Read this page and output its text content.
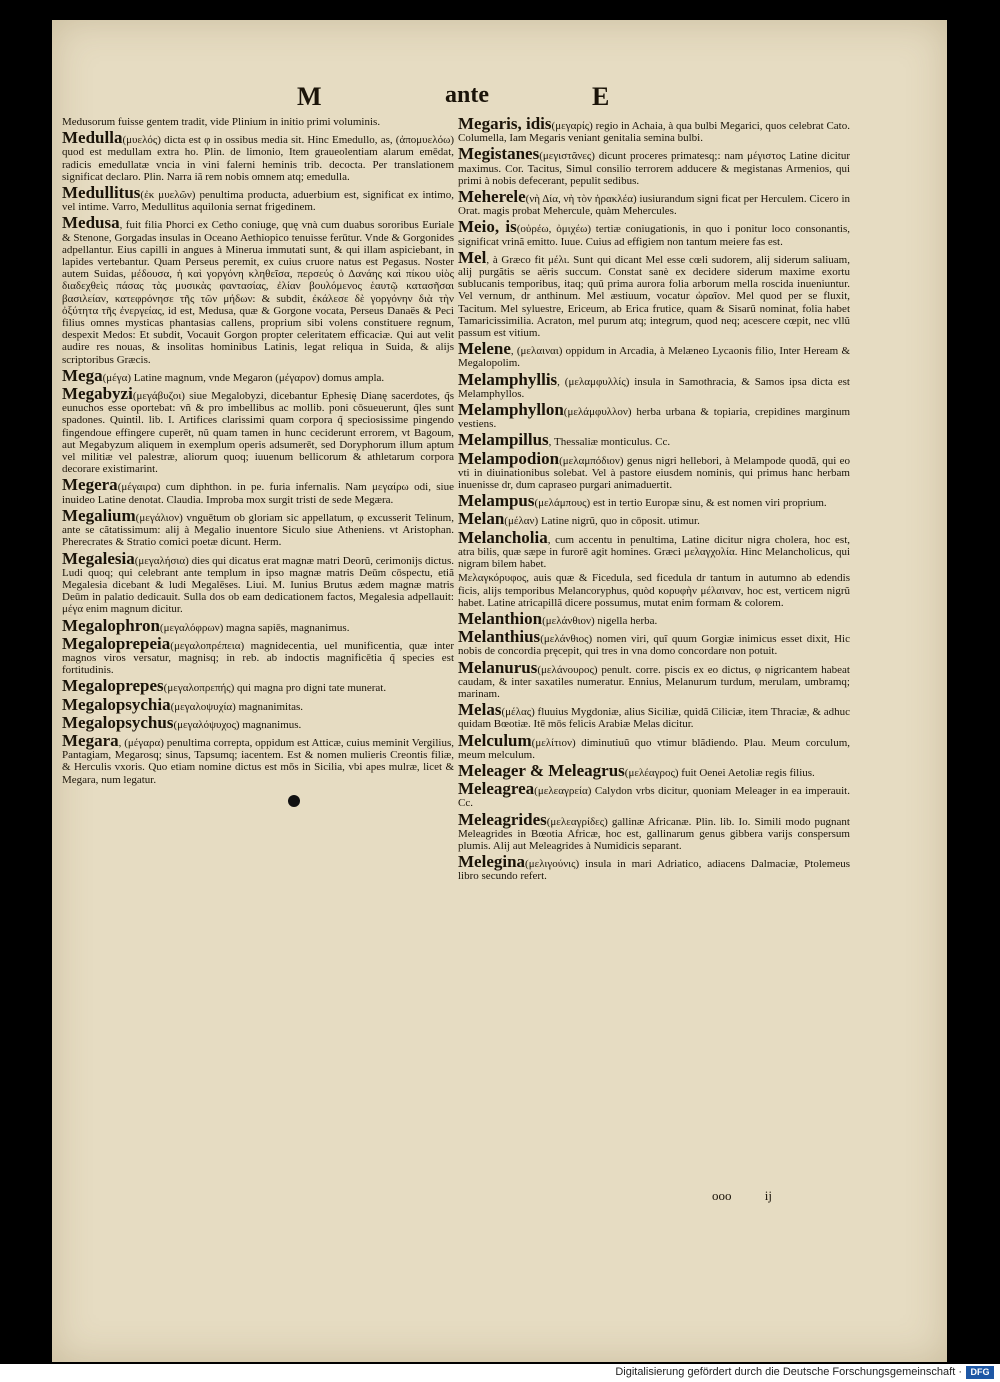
M	ante	E
Medusorum fuisse gentem tradit, vide Plinium in initio primi voluminis.
Medulla(μυελός) dicta est φ in ossibus media sit. Hinc Emedullo, as, (ἀπομυελόω) quod est medullam extra ho. Plin. de limonio, Item graueolentiam alarum emēdat, radicis emedullatæ vncia in vini falerni heminis trib. decocta. Per translationem significat declaro. Plin. Narra iã rem nobis omnem atq; emedulla.
Medullitus(ἐκ μυελῶν) penultima producta, aduerbium est, significat ex intimo, vel intime. Varro, Medullitus aquilonia sernat frigedinem.
Medusa, fuit filia Phorci ex Cetho coniuge, quę vnà cum duabus sororibus Euriale & Stenone, Gorgadas insulas in Oceano Aethiopico tenuisse ferūtur. Vnde & Gorgonides adpellantur. Eius capilli in angues à Minerua immutati sunt, & qui illam aspiciebant, in lapides vertebantur. Quam Perseus peremit, ex cuius cruore natus est Pegasus. Noster autem Suidas, μέδουσα, ἡ καὶ γοργόνη κληθεῖσα, περσεύς ὁ Δανάης καὶ πίκου υἱὸς διαδεχθεὶς πάσας τὰς μυσικὰς φαντασίας, ἐλίαν βουλόμενος ἑαυτῷ κατασῆσαι βασιλείαν, κατεφρόνησε τῆς τῶν μήδων: & subdit, ἐκάλεσε δὲ γοργόνην διὰ τὴν ὀξύτητα τῆς ἐνεργείας, id est, Medusa, quæ & Gorgone vocata, Perseus Danaës & Peci filius omnes mysticas phantasias callens, proprium sibi volens constituere regnum, despexit Medos: Et subdit, Vocauit Gorgon propter celeritatem efficaciæ. Qui aut velit audire res nouas, & insolitas hominibus Latinis, legat reliqua in Suida, & alijs scriptoribus Græcis.
Mega(μέγα) Latine magnum, vnde Megaron (μέγαρον) domus ampla.
Megabyzi(μεγάβυζοι) siue Megalobyzi, dicebantur Ephesię Dianę sacerdotes, q̃s eunuchos esse oportebat: vñ & pro imbellibus ac mollib. poni cōsueuerunt, q̃les sunt spadones. Quintil. lib. I. Artifices clarissimi quam corpora q̃ speciosissime pingendo fingendoue effingere cuperēt, nũ quam tamen in hunc ceciderunt errorem, vt Bagoum, aut Megabyzum aliquem in exemplum operis adsumerēt, sed Doryphorum illum aptum vel militiæ vel palestræ, aliorum quoq; iuuenum bellicorum & athletarum corpora decorare existimarint.
Megera(μέγαιρα) cum diphthon. in pe. furia infernalis. Nam μεγαίρω odi, siue inuideo Latine denotat. Claudia. Improba mox surgit tristi de sede Megæra.
Megalium(μεγάλιον) vnguētum ob gloriam sic appellatum, φ excusserit Telinum, ante se cãtatissimum: alij à Megalio inuentore Siculo siue Atheniens. vt Aristophan. Pherecrates & Stratio comici poetæ dicunt. Herm.
Megalesia(μεγαλήσια) dies qui dicatus erat magnæ matri Deorũ, cerimonijs dictus. Ludi quoq; qui celebrant ante templum in ipso magnæ matris Deūm cōspectu, etiã Megalesia dicebant & ludi Megalēses. Liui. M. Iunius Brutus ædem magnæ matris Deūm in palatio dedicauit. Sulla dos ob eam dedicationem factos, Megalesia adpellauit: μέγα enim magnum dicitur.
Megalophron(μεγαλόφρων) magna sapiēs, magnanimus.
Megaloprepeia(μεγαλοπρέπεια) magnidecentia, uel munificentia, quæ inter magnos viros versatur, magnisq; in reb. ab indoctis magnificētia q̃ species est fortitudinis.
Megaloprepes(μεγαλοπρεπής) qui magna pro digni tate munerat.
Megalopsychia(μεγαλοψυχία) magnanimitas.
Megalopsychus(μεγαλόψυχος) magnanimus.
Megara, (μέγαρα) penultima correpta, oppidum est Atticæ, cuius meminit Vergilius, Pantagiam, Megarosq; sinus, Tapsumq; iacentem. Est & nomen mulieris Creontis filiæ, & Herculis vxoris. Quo etiam nomine dictus est mōs in Sicilia, vbi apes mulræ, licet & Megara, num legatur.
Megaris, idis(μεγαρίς) regio in Achaia, à qua bulbi Megarici, quos celebrat Cato. Columella, Iam Megaris veniant genitalia semina bulbi.
Megistanes(μεγιστᾶνες) dicunt proceres primatesq;: nam μέγιστος Latine dicitur maximus. Cor. Tacitus, Simul consilio terrorem adducere & megistanas Armenios, qui primi à nobis defecerant, pepulit sedibus.
Meherele(νὴ Δία, νὴ τὸν ἡρακλέα) iusiurandum signi ficat per Herculem. Cicero in Orat. magis probat Mehercule, quàm Mehercules.
Meio, is(οὐρέω, ὀμιχέω) tertiæ coniugationis, in quo i ponitur loco consonantis, significat vrinã emitto. Iuue. Cuius ad effigiem non tantum meiere fas est.
Mel, à Græco fit μέλι. Sunt qui dicant Mel esse cœli sudorem, alij siderum saliuam, alij purgãtis se aëris succum. Constat sanè ex decidere siderum maxime exortu sublucanis temporibus, itaq; quũ prima aurora folia arborum mella roscida inueniuntur. Vel vernum, dr anthinum. Mel æstiuum, vocatur ὡραῖον. Mel quod per se fluxit, Tacitum. Mel syluestre, Ericeum, ab Erica frutice, quam & Sisarũ nominat, folia habet Tamaricissimilia. Acraton, mel purum atq; integrum, quod neq; acescere cœpit, nec vllũ passum est vitium.
Melene, (μελαιναι) oppidum in Arcadia, à Melæneo Lycaonis filio, Inter Heream & Megalopolim.
Melamphyllis, (μελαμφυλλίς) insula in Samothracia, & Samos ipsa dicta est Melamphyllos.
Melamphyllon(μελάμφυλλον) herba urbana & topiaria, crepidines marginum vestiens.
Melampillus, Thessaliæ monticulus. Cc.
Melampodion(μελαμπόδιον) genus nigri hellebori, à Melampode quodã, qui eo vti in diuinationibus solebat. Vel à pastore eiusdem nominis, qui primus hanc herbam inuenisse dr, dum capraseo purgari animaduertit.
Melampus(μελάμπους) est in tertio Europæ sinu, & est nomen viri proprium.
Melan(μέλαν) Latine nigrũ, quo in cōposit. utimur.
Melancholia, cum accentu in penultima, Latine dicitur nigra cholera, hoc est, atra bilis, quæ sæpe in furorē agit homines. Græci μελαγχολία. Hinc Melancholicus, qui nigram bilem habet.
Μελαγκόρυφος, auis quæ & Ficedula, sed ficedula dr tantum in autumno ab edendis ficis, alijs temporibus Melancoryphus, quòd κορυφὴν μέλαιναν, hoc est, verticem nigrũ habet. Latine atricapillã dicere possumus, mutat enim formam & colorem.
Melanthion(μελάνθιον) nigella herba.
Melanthius(μελάνθιος) nomen viri, quĩ quum Gorgiæ inimicus esset dixit, Hic nobis de concordia pręcepit, qui tres in vna domo concordare non potuit.
Melanurus(μελάνουρος) penult. corre. piscis ex eo dictus, φ nigricantem habeat caudam, & inter saxatiles numeratur. Ennius, Melanurum turdum, merulam, umbramq; marinam.
Melas(μέλας) fluuius Mygdoniæ, alius Siciliæ, quidã Ciliciæ, item Thraciæ, & adhuc quidam Bœotiæ. Itē mōs felicis Arabiæ Melas dicitur.
Melculum(μελίτιον) diminutiuũ quo vtimur blãdiendo. Plau. Meum corculum, meum melculum.
Meleager & Meleagrus(μελέαγρος) fuit Oenei Aetoliæ regis filius.
Meleagrea(μελεαγρεία) Calydon vrbs dicitur, quoniam Meleager in ea imperauit. Cc.
Meleagrides(μελεαγρίδες) gallinæ Africanæ. Plin. lib. Io. Simili modo pugnant Meleagrides in Bœotia Africæ, hoc est, gallinarum genus gibbera varijs conspersum plumis. Alij aut Meleagrides à Numidicis separant.
Melegina(μελιγούνις) insula in mari Adriatico, adiacens Dalmaciæ, Ptolemeus libro secundo refert.
ooo	ij
Digitalisierung gefördert durch die Deutsche Forschungsgemeinschaft · DFG
